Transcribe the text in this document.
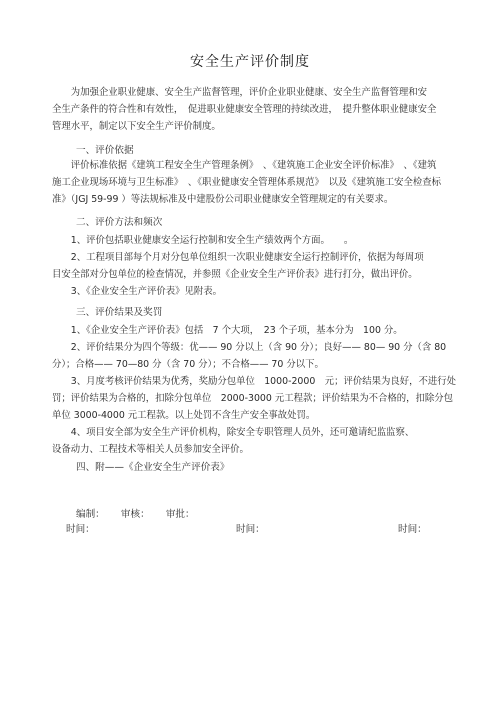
安全生产评价制度
　　为加强企业职业健康、安全生产监督管理，评价企业职业健康、安全生产监督管理和安
全生产条件的符合性和有效性，　促进职业健康安全管理的持续改进，　提升整体职业健康安全
管理水平，制定以下安全生产评价制度。
一、评价依据
　　评价标准依据《建筑工程安全生产管理条例》　、《建筑施工企业安全评价标准》　、《建筑
施工企业现场环境与卫生标准》　、《职业健康安全管理体系规范》　以及《建筑施工安全检查标
准》（JGJ 59-99 ）等法规标准及中建股份公司职业健康安全管理规定的有关要求。
二、评价方法和频次
　　1、评价包括职业健康安全运行控制和安全生产绩效两个方面。　　。
　　2、工程项目部每个月对分包单位组织一次职业健康安全运行控制评价，依据为每周项
目安全部对分包单位的检查情况，并参照《企业安全生产评价表》进行打分，做出评价。
　　3、《企业安全生产评价表》见附表。
三、评价结果及奖罚
　　1、《企业安全生产评价表》包括　7 个大项，　23 个子项，基本分为　100 分。
　　2、评价结果分为四个等级：优—— 90 分以上（含 90 分）；良好—— 80— 90 分（含 80
分）；合格—— 70—80 分（含 70 分）；不合格—— 70 分以下。
　　3、月度考核评价结果为优秀，奖励分包单位　1000-2000　元；评价结果为良好，不进行处
罚；评价结果为合格的，扣除分包单位　2000-3000 元工程款；评价结果为不合格的，扣除分包
单位 3000-4000 元工程款。以上处罚不含生产安全事故处罚。
　　4、项目安全部为安全生产评价机构，除安全专职管理人员外，还可邀请纪监监察、
设备动力、工程技术等相关人员参加安全评价。
四、附——《企业安全生产评价表》
编制： 审核： 审批：
时间：	时间：	时间：
